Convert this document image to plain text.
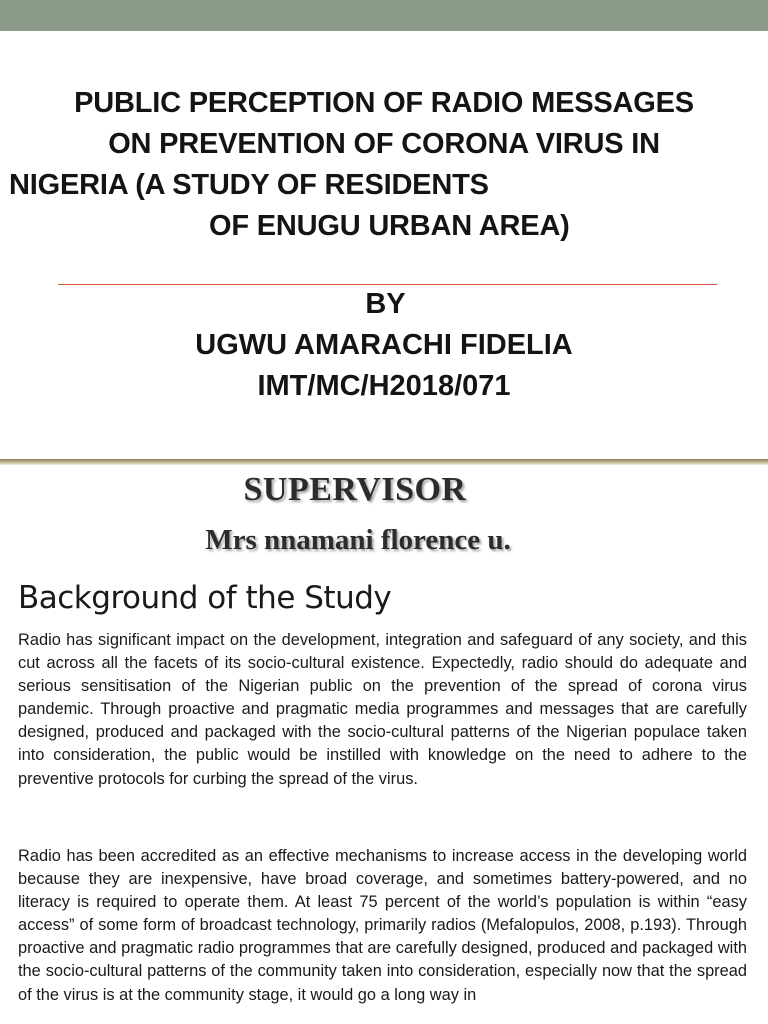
PUBLIC PERCEPTION OF RADIO MESSAGES
ON PREVENTION OF CORONA VIRUS IN
NIGERIA (A STUDY OF RESIDENTS
OF ENUGU URBAN AREA)
BY
UGWU AMARACHI FIDELIA
IMT/MC/H2018/071
SUPERVISOR
Mrs nnamani florence u.
Background of the Study

Radio has significant impact on the development, integration and safeguard of any society, and this cut across all the facets of its socio-cultural existence. Expectedly, radio should do adequate and serious sensitisation of the Nigerian public on the prevention of the spread of corona virus pandemic. Through proactive and pragmatic media programmes and messages that are carefully designed, produced and packaged with the socio-cultural patterns of the Nigerian populace taken into consideration, the public would be instilled with knowledge on the need to adhere to the preventive protocols for curbing the spread of the virus.

Radio has been accredited as an effective mechanisms to increase access in the developing world because they are inexpensive, have broad coverage, and sometimes battery-powered, and no literacy is required to operate them. At least 75 percent of the world’s population is within “easy access” of some form of broadcast technology, primarily radios (Mefalopulos, 2008, p.193). Through proactive and pragmatic radio programmes that are carefully designed, produced and packaged with the socio-cultural patterns of the community taken into consideration, especially now that the spread of the virus is at the community stage, it would go a long way in
